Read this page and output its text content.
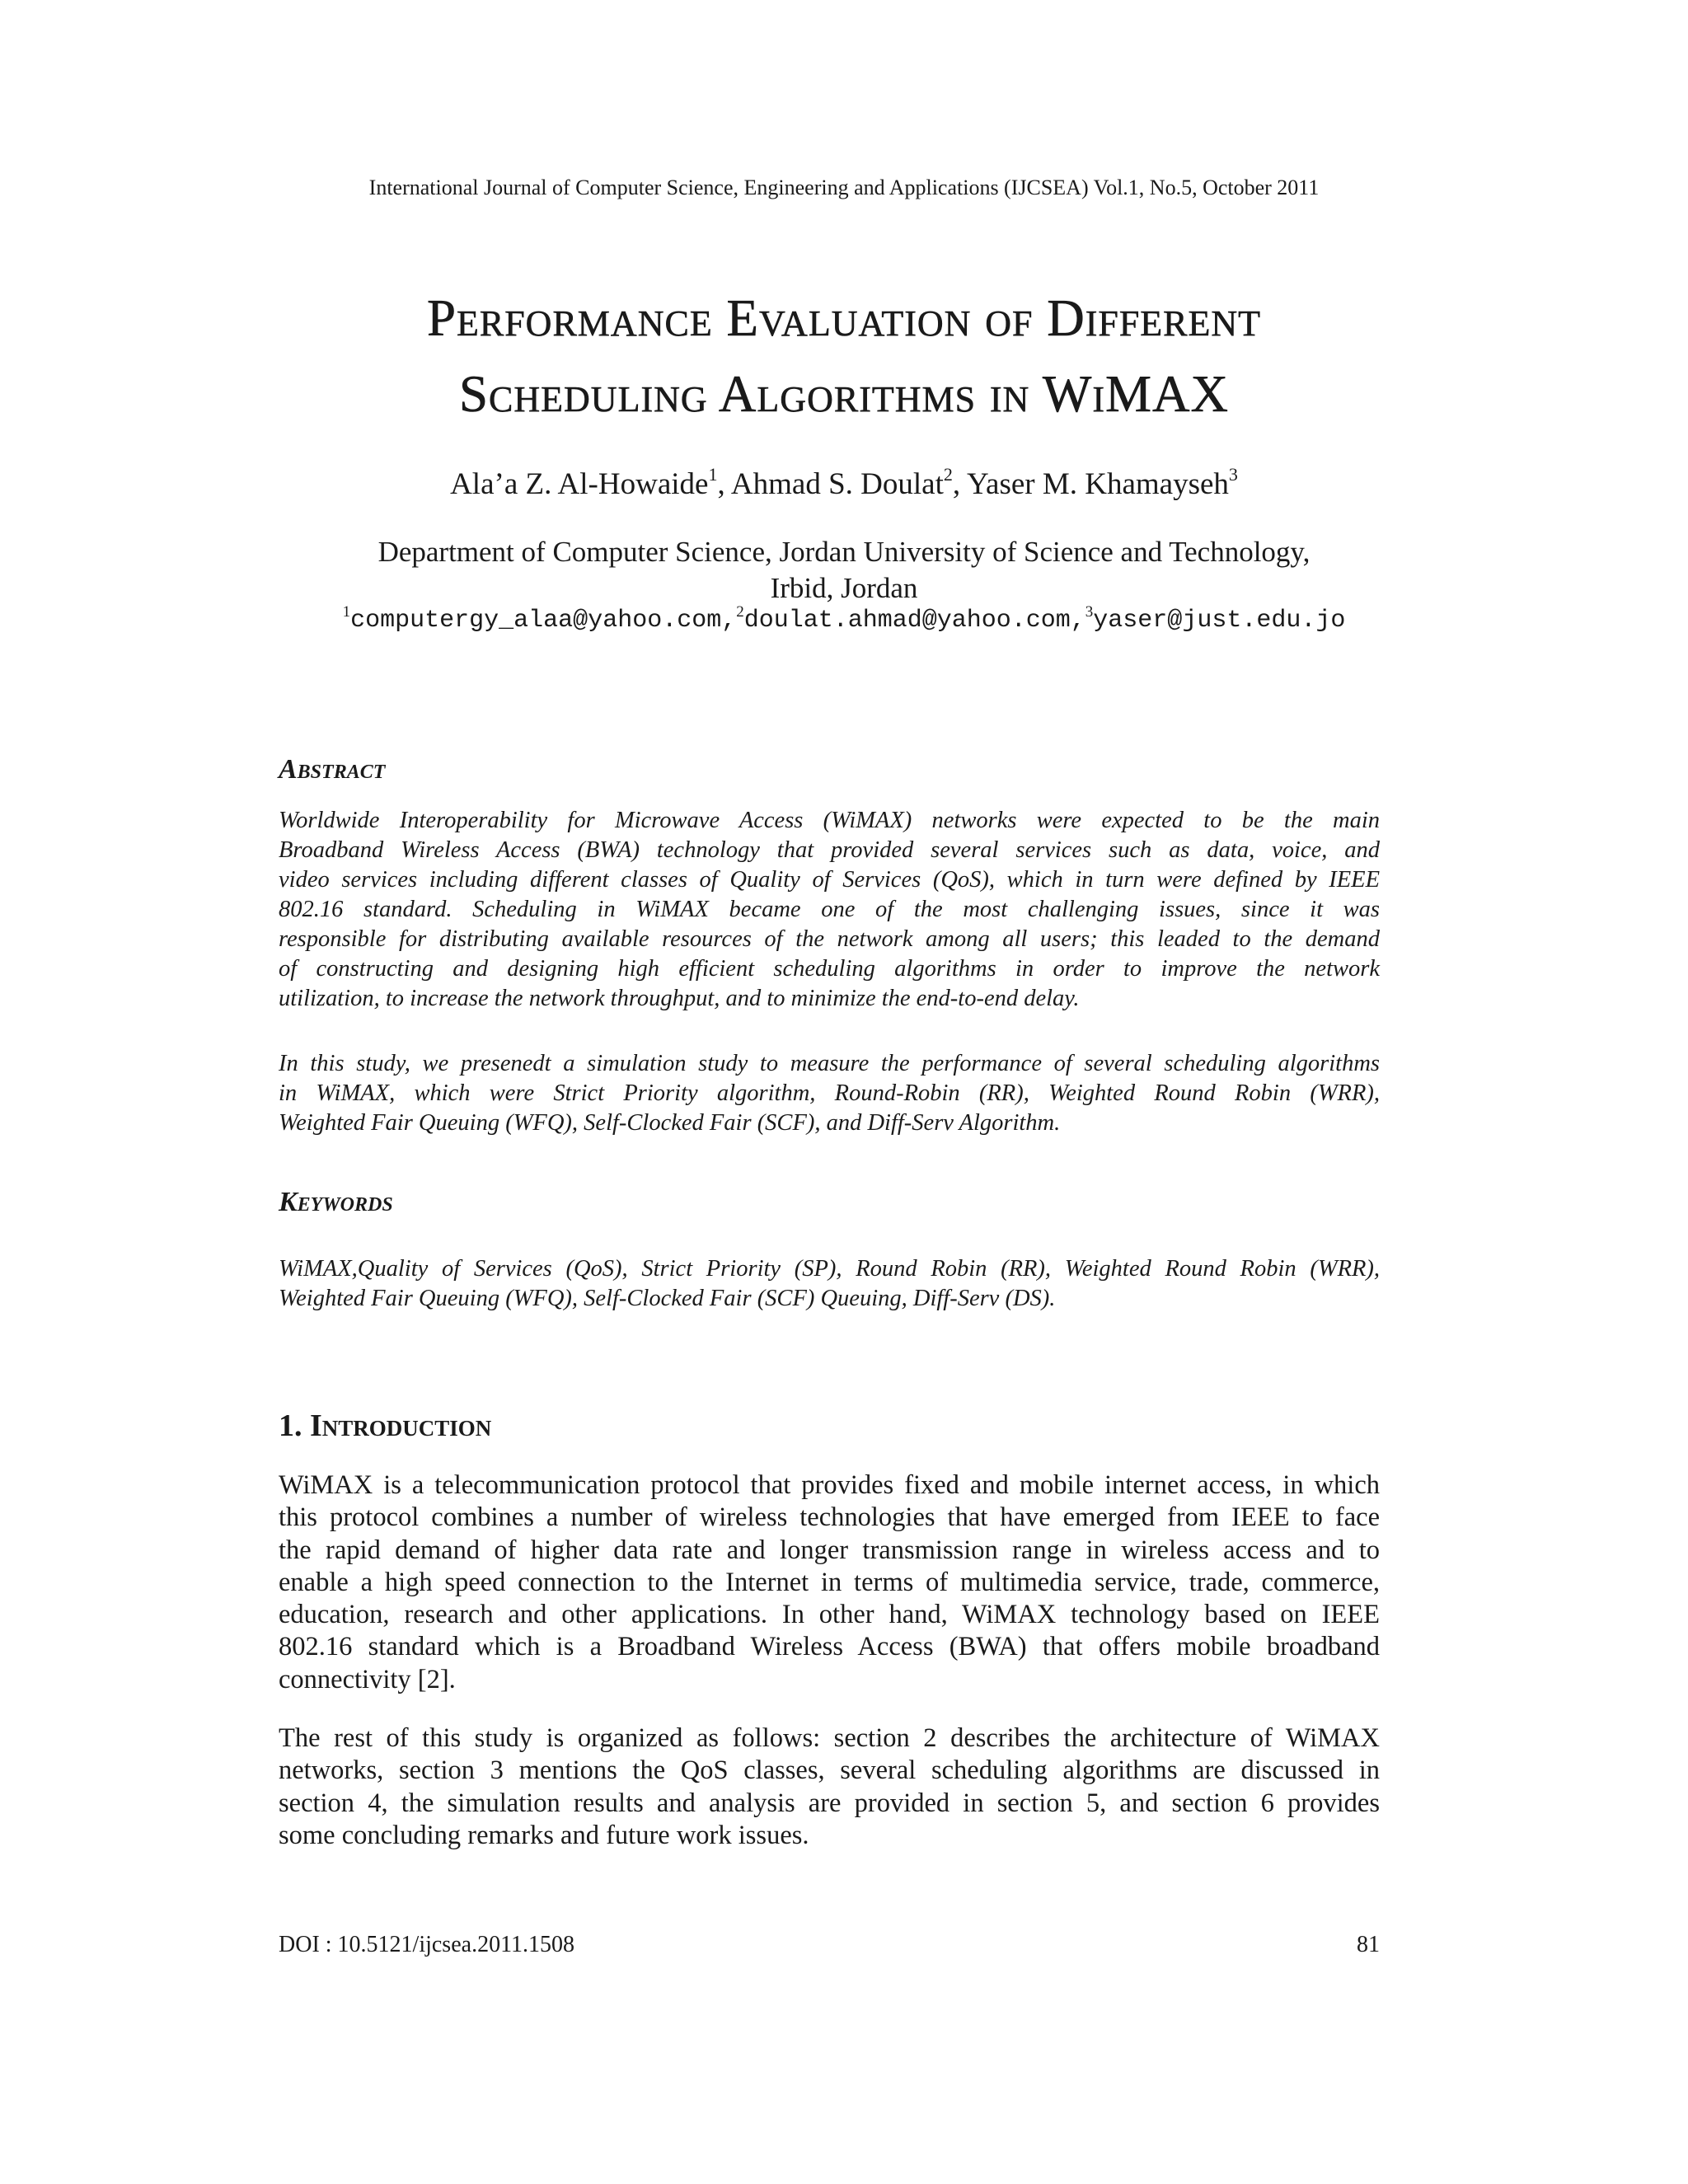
International Journal of Computer Science, Engineering and Applications (IJCSEA) Vol.1, No.5, October 2011
Performance Evaluation of Different
Scheduling Algorithms in WiMAX
Ala’a Z. Al-Howaide$^1$, Ahmad S. Doulat$^2$, Yaser M. Khamayseh$^3$
Department of Computer Science, Jordan University of Science and Technology,
Irbid, Jordan
$^1$computergy_alaa@yahoo.com,$^2$doulat.ahmad@yahoo.com,$^3$yaser@just.edu.jo
Abstract
Worldwide Interoperability for Microwave Access (WiMAX) networks were expected to be the main
Broadband Wireless Access (BWA) technology that provided several services such as data, voice, and
video services including different classes of Quality of Services (QoS), which in turn were defined by IEEE
802.16 standard. Scheduling in WiMAX became one of the most challenging issues, since it was
responsible for distributing available resources of the network among all users; this leaded to the demand
of constructing and designing high efficient scheduling algorithms in order to improve the network
utilization, to increase the network throughput, and to minimize the end-to-end delay.
In this study, we presenedt a simulation study to measure the performance of several scheduling algorithms
in WiMAX, which were Strict Priority algorithm, Round-Robin (RR), Weighted Round Robin (WRR),
Weighted Fair Queuing (WFQ), Self-Clocked Fair (SCF), and Diff-Serv Algorithm.
Keywords
WiMAX,Quality of Services (QoS), Strict Priority (SP), Round Robin (RR), Weighted Round Robin (WRR),
Weighted Fair Queuing (WFQ), Self-Clocked Fair (SCF) Queuing, Diff-Serv (DS).
1. Introduction
WiMAX is a telecommunication protocol that provides fixed and mobile internet access, in which
this protocol combines a number of wireless technologies that have emerged from IEEE to face
the rapid demand of higher data rate and longer transmission range in wireless access and to
enable a high speed connection to the Internet in terms of multimedia service, trade, commerce,
education, research and other applications. In other hand, WiMAX technology based on IEEE
802.16 standard which is a Broadband Wireless Access (BWA) that offers mobile broadband
connectivity [2].
The rest of this study is organized as follows: section 2 describes the architecture of WiMAX
networks, section 3 mentions the QoS classes, several scheduling algorithms are discussed in
section 4, the simulation results and analysis are provided in section 5, and section 6 provides
some concluding remarks and future work issues.
DOI : 10.5121/ijcsea.2011.1508	81
